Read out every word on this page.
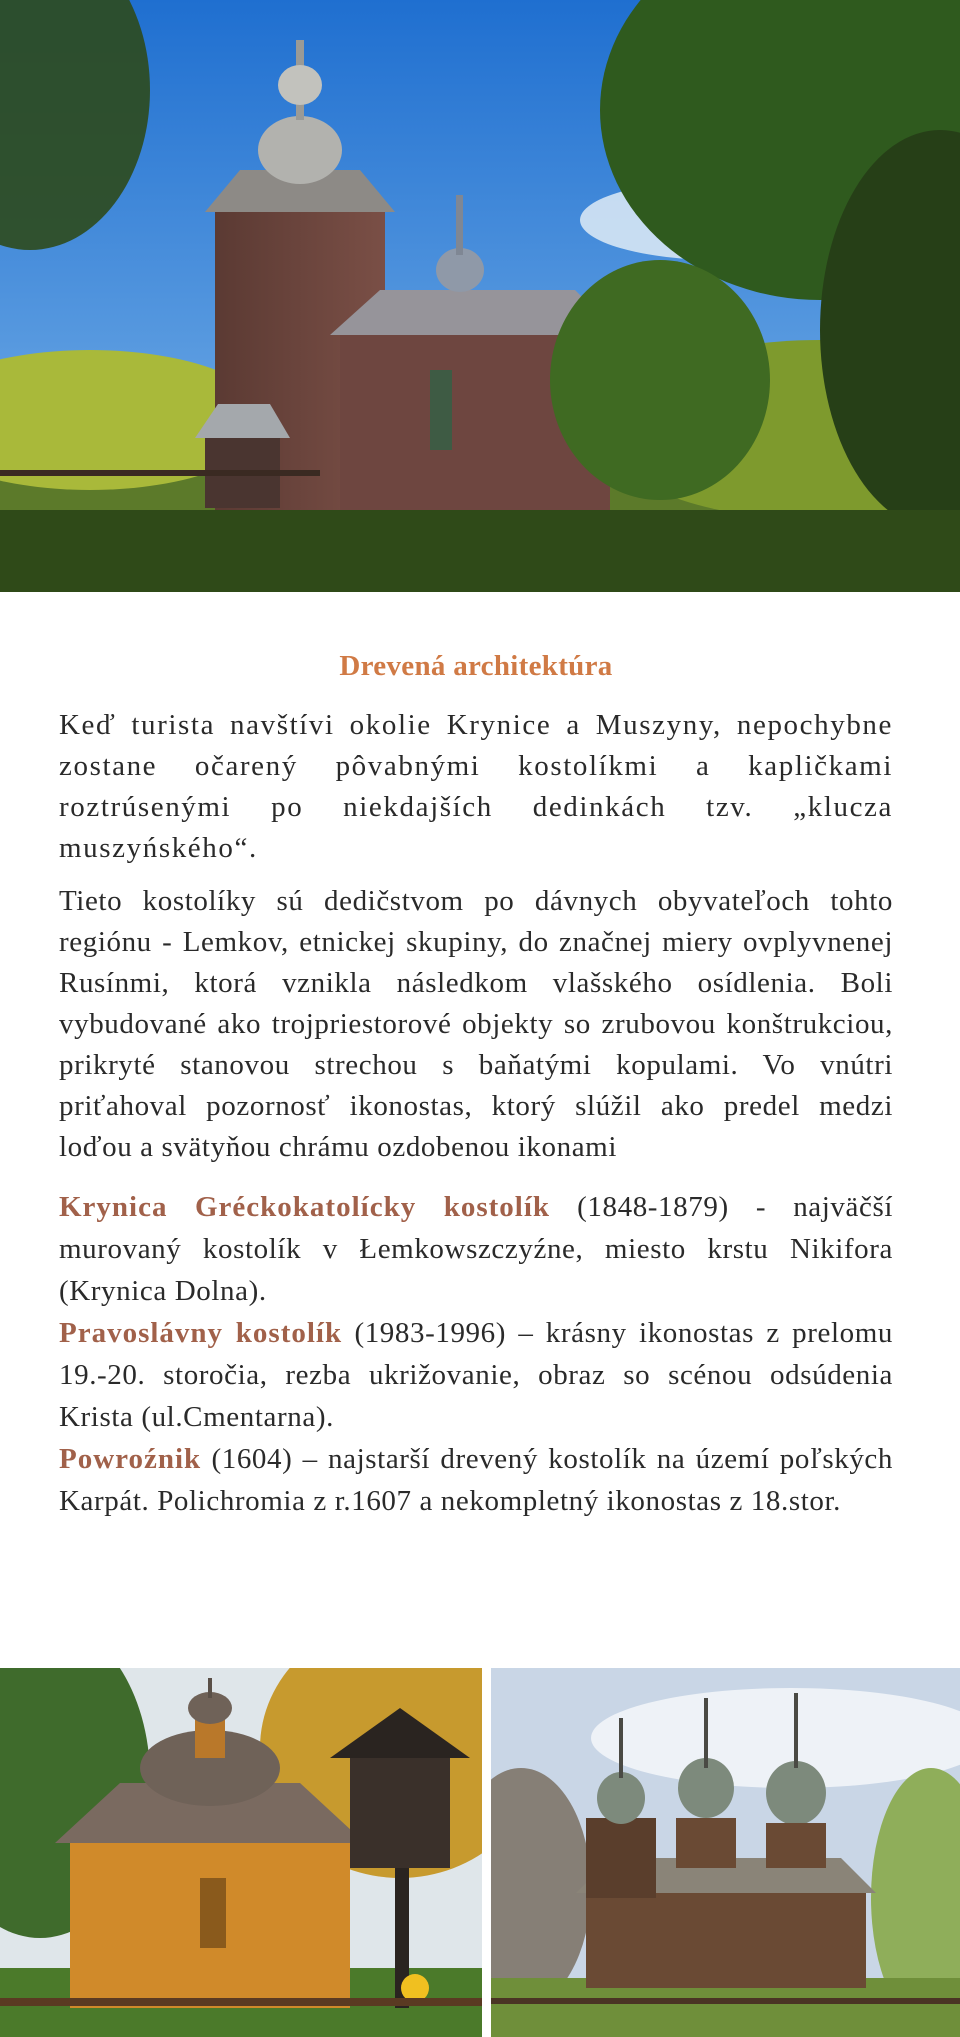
Drevená architektúra

Keď turista navštívi okolie Krynice a Muszyny, nepochybne zostane očarený pôvabnými kostolíkmi a kapličkami roztrúsenými po niekdajších dedinkách tzv. „klucza muszyńského“.

Tieto kostolíky sú dedičstvom po dávnych obyvateľoch tohto regiónu - Lemkov, etnickej skupiny, do značnej miery ovplyvnenej Rusínmi, ktorá vznikla následkom vlašského osídlenia. Boli vybudované ako trojpriestorové objekty so zrubovou konštrukciou, prikryté stanovou strechou s baňatými kopulami. Vo vnútri priťahoval pozornosť ikonostas, ktorý slúžil ako predel medzi loďou a svätyňou chrámu ozdobenou ikonami

Krynica Gréckokatolícky kostolík (1848-1879) - najväčší murovaný kostolík v Łemkowszczyźne, miesto krstu Nikifora (Krynica Dolna).

Pravoslávny kostolík (1983-1996) – krásny ikonostas z prelomu 19.-20. storočia, rezba ukrižovanie, obraz so scénou odsúdenia Krista (ul.Cmentarna).

Powroźnik (1604) – najstarší drevený kostolík na území poľských Karpát. Polichromia z r.1607 a nekompletný ikonostas z 18.stor.
